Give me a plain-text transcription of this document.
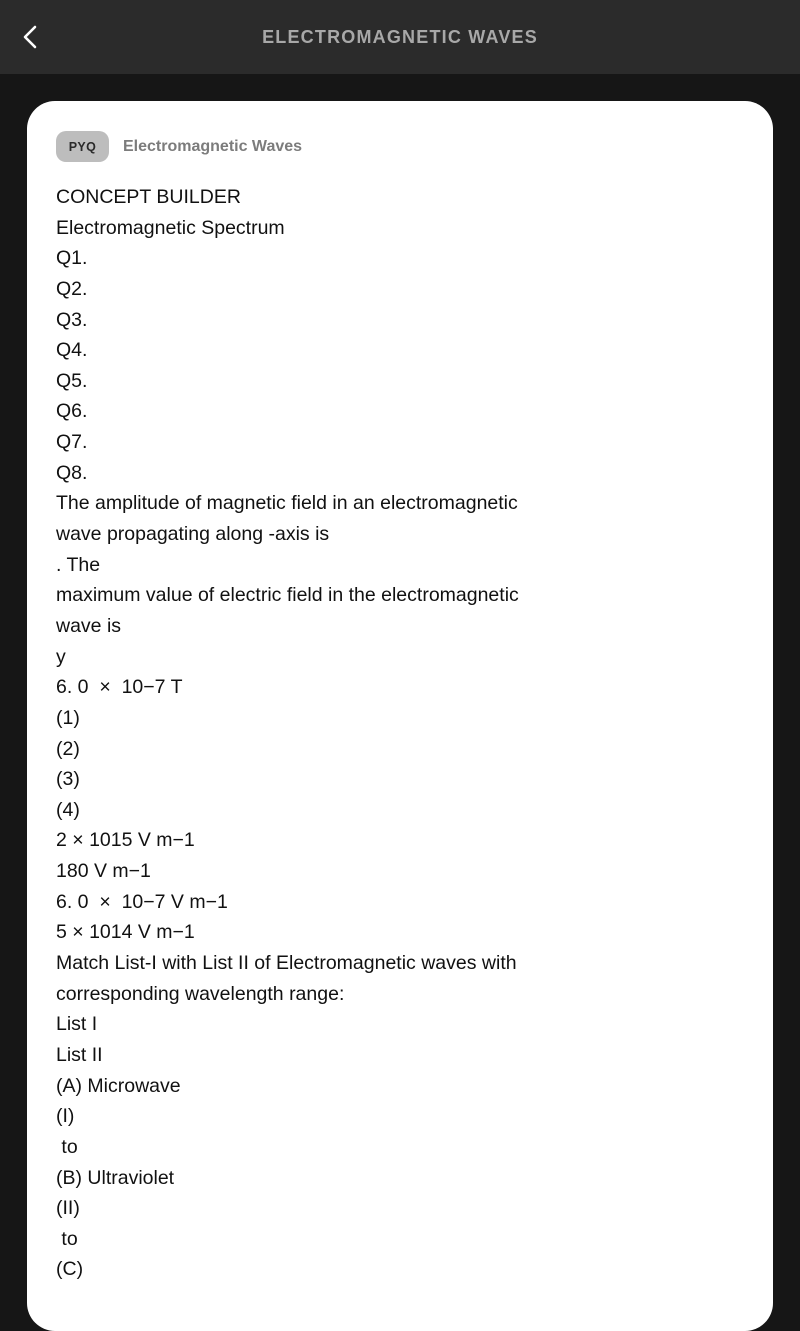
ELECTROMAGNETIC WAVES
PYQ	Electromagnetic Waves
CONCEPT BUILDER
Electromagnetic Spectrum
Q1.
Q2.
Q3.
Q4.
Q5.
Q6.
Q7.
Q8.
The amplitude of magnetic field in an electromagnetic
wave propagating along -axis is
. The
maximum value of electric field in the electromagnetic
wave is
y
6. 0  ×  10−7 T
(1)
(2)
(3)
(4)
2 × 1015 V m−1
180 V m−1
6. 0  ×  10−7 V m−1
5 × 1014 V m−1
Match List-I with List II of Electromagnetic waves with
corresponding wavelength range:
List I
List II
(A) Microwave
(I)
to
(B) Ultraviolet
(II)
to
(C)
